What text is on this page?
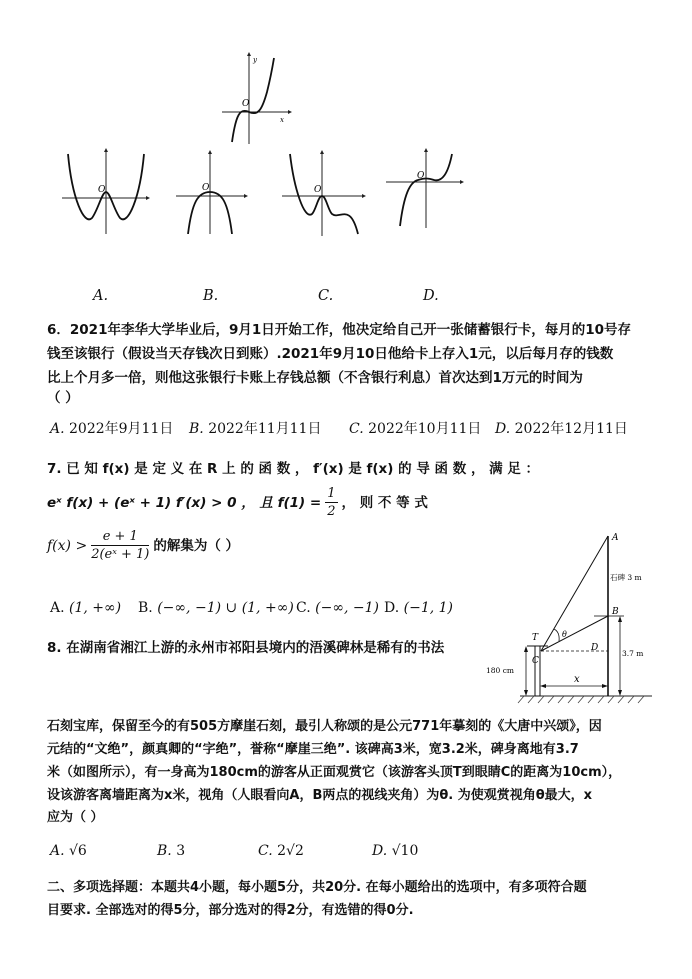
O
y
x
O	O	O
O
A.	B.	C.	D.
6．2021年李华大学毕业后，9月1日开始工作，他决定给自己开一张储蓄银行卡，每月的10号存
钱至该银行（假设当天存钱次日到账）.2021年9月10日他给卡上存入1元，以后每月存的钱数
比上个月多一倍，则他这张银行卡账上存钱总额（不含银行利息）首次达到1万元的时间为
（ ）
A. 2022年9月11日 B. 2022年11月11日 C. 2022年10月11日 D. 2022年12月11日
7. 已 知 f(x) 是 定 义 在 R 上 的 函 数 ， f′(x) 是 f(x) 的 导 函 数 ， 满 足 ：
eˣ f(x) + (eˣ + 1) f′(x) > 0 ， 且 $f(1) = \frac{1}{2}$ ， 则 不 等 式
$f(x) > \frac{e + 1}{\text{2(eˣ + 1)}}$ 的解集为（ ）
A. (1, +∞) B. (−∞, −1) ∪ (1, +∞) C. (−∞, −1) D. (−1, 1)
180 cm
θ
x
3.7 m
A
B
C
D
T
石碑 3 m
8. 在湖南省湘江上游的永州市祁阳县境内的浯溪碑林是稀有的书法
石刻宝库，保留至今的有505方摩崖石刻，最引人称颂的是公元771年摹刻的《大唐中兴颂》，因
元结的“文绝”，颜真卿的“字绝”，誉称“摩崖三绝”. 该碑高3米，宽3.2米，碑身离地有3.7
米（如图所示），有一身高为180cm的游客从正面观赏它（该游客头顶T到眼睛C的距离为10cm），
设该游客离墙距离为x米，视角（人眼看向A，B两点的视线夹角）为θ. 为使观赏视角θ最大，x
应为（ ）
A. √6	B. 3	C. 2√2	D. √10
二、多项选择题：本题共4小题，每小题5分，共20分. 在每小题给出的选项中，有多项符合题
目要求. 全部选对的得5分，部分选对的得2分，有选错的得0分.
